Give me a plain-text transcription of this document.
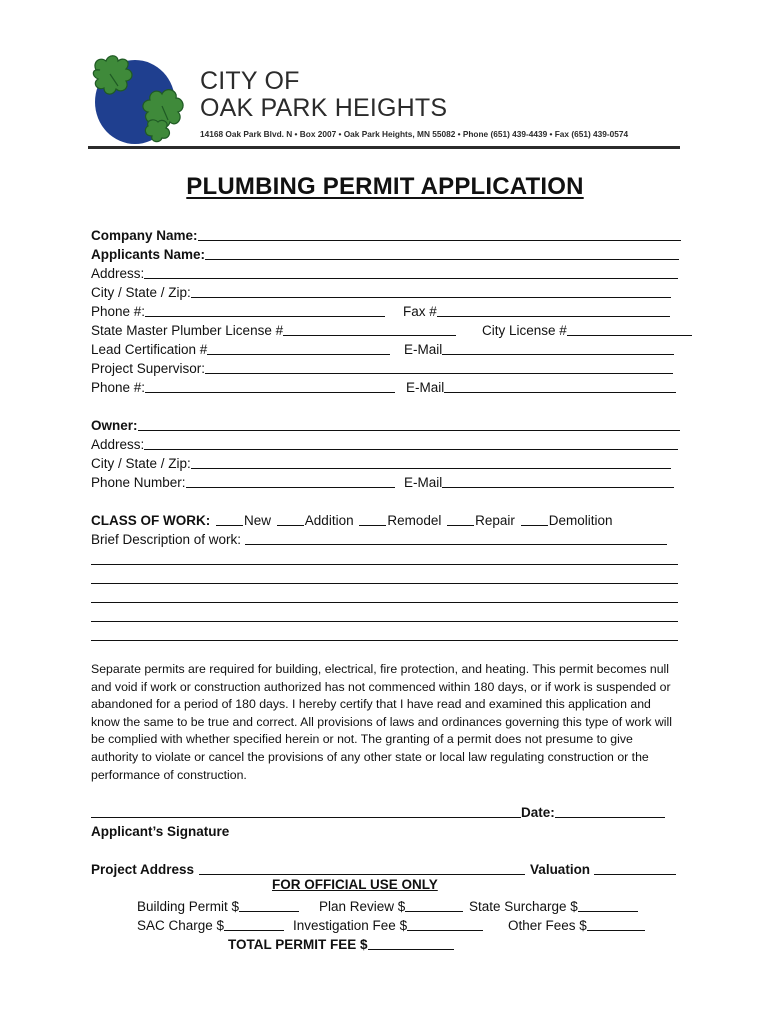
CITY OF
OAK PARK HEIGHTS
14168 Oak Park Blvd. N • Box 2007 • Oak Park Heights, MN 55082 • Phone (651) 439-4439 • Fax (651) 439-0574
PLUMBING PERMIT APPLICATION
Company Name:
Applicants Name:
Address:
City / State / Zip:
Phone #:	Fax #
State Master Plumber License #	City License #
Lead Certification #	E-Mail
Project Supervisor:
Phone #:	E-Mail
Owner:
Address:
City / State / Zip:
Phone Number:	E-Mail
CLASS OF WORK:	New	Addition	Remodel	Repair	Demolition
Brief Description of work:
Separate permits are required for building, electrical, fire protection, and heating. This permit becomes null and void if work or construction authorized has not commenced within 180 days, or if work is suspended or abandoned for a period of 180 days. I hereby certify that I have read and examined this application and know the same to be true and correct. All provisions of laws and ordinances governing this type of work will be complied with whether specified herein or not. The granting of a permit does not presume to give authority to violate or cancel the provisions of any other state or local law regulating construction or the performance of construction.
Date:
Applicant’s Signature
Project Address	Valuation
FOR OFFICIAL USE ONLY
Building Permit $	Plan Review $	State Surcharge $
SAC Charge $	Investigation Fee $	Other Fees $
TOTAL PERMIT FEE $
